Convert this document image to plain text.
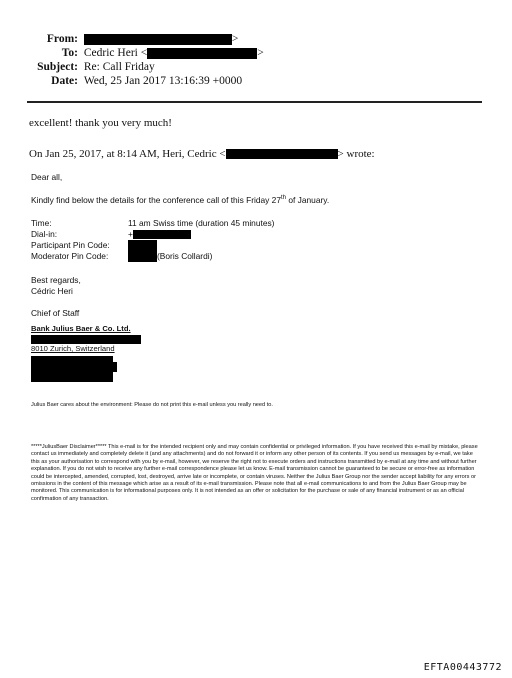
From:	>
To: Cedric Heri <	>
Subject: Re: Call Friday
Date: Wed, 25 Jan 2017 13:16:39 +0000
excellent! thank you very much!
On Jan 25, 2017, at 8:14 AM, Heri, Cedric <	> wrote:
Dear all,
Kindly find below the details for the conference call of this Friday 27th of January.
Time:	11 am Swiss time (duration 45 minutes)
Dial-in:	+
Participant Pin Code:
Moderator Pin Code:	(Boris Collardi)
Best regards,
Cédric Heri
Chief of Staff
Bank Julius Baer & Co. Ltd.
8010 Zurich, Switzerland
Julius Baer cares about the environment: Please do not print this e-mail unless you really need to.
*****JuliusBaer Disclaimer***** This e-mail is for the intended recipient only and may contain confidential or privileged information. If you have received this e-mail by mistake, please contact us immediately and completely delete it (and any attachments) and do not forward it or inform any other person of its contents. If you send us messages by e-mail, we take this as your authorisation to correspond with you by e-mail, however, we reserve the right not to execute orders and instructions transmitted by e-mail at any time and without further explanation. If you do not wish to receive any further e-mail correspondence please let us know. E-mail transmission cannot be guaranteed to be secure or error-free as information could be intercepted, amended, corrupted, lost, destroyed, arrive late or incomplete, or contain viruses. Neither the Julius Baer Group nor the sender accept liability for any errors or omissions in the content of this message which arise as a result of its e-mail transmission. Please note that all e-mail communications to and from the Julius Baer Group may be monitored. This communication is for informational purposes only. It is not intended as an offer or solicitation for the purchase or sale of any financial instrument or as an official confirmation of any transaction.
EFTA00443772
